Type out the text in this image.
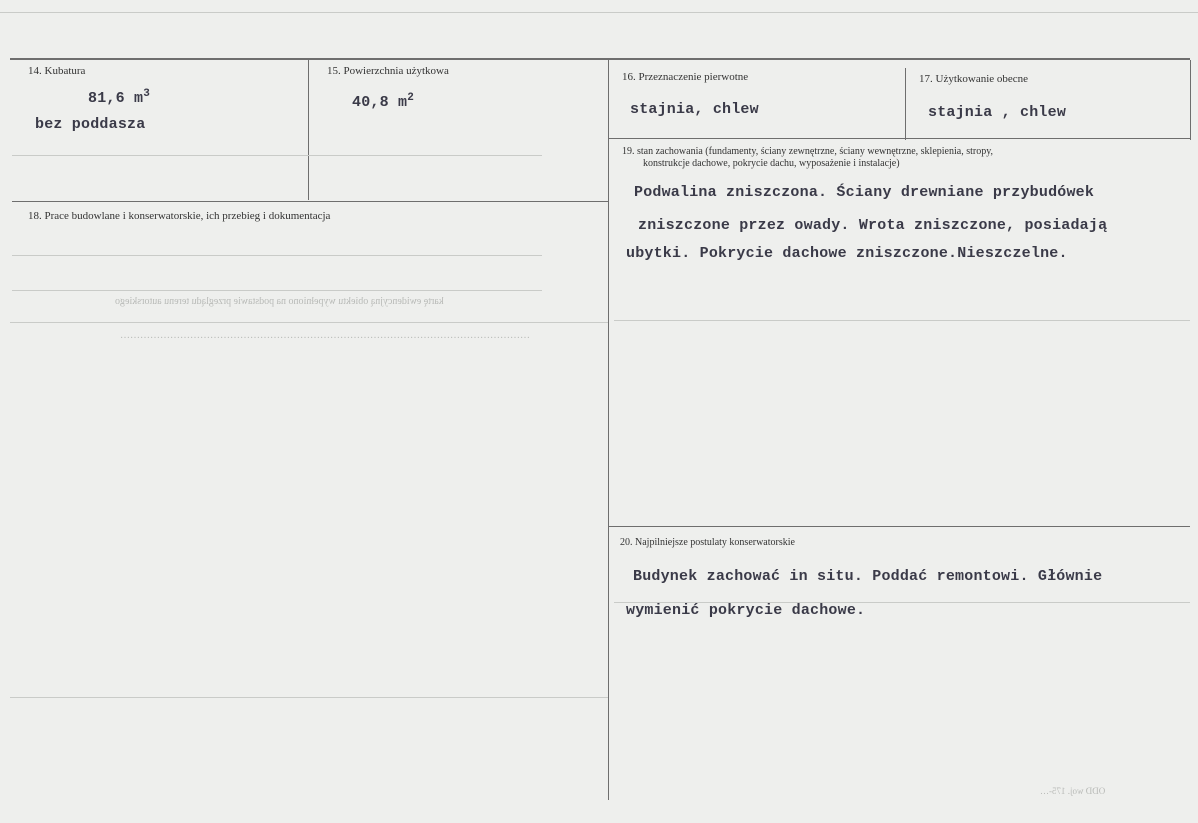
kartę ewidencyjną obiektu wypełniono na podstawie przeglądu terenu autorskiego
……………………………………………………………………………………………………………
ODD woj. 175-…
14. Kubatura
81,6 $m^3$
bez poddasza
15. Powierzchnia użytkowa
40,8 $m^2$
16. Przeznaczenie pierwotne
stajnia, chlew
17. Użytkowanie obecne
stajnia , chlew
18. Prace budowlane i konserwatorskie, ich przebieg i dokumentacja
19. stan zachowania (fundamenty, ściany zewnętrzne, ściany wewnętrzne, sklepienia, stropy,
konstrukcje dachowe, pokrycie dachu, wyposażenie i instalacje)
Podwalina zniszczona. Ściany drewniane przybudówek
zniszczone przez owady. Wrota zniszczone, posiadają
ubytki. Pokrycie dachowe zniszczone.Nieszczelne.
20. Najpilniejsze postulaty konserwatorskie
Budynek zachować in situ. Poddać remontowi. Głównie
wymienić pokrycie dachowe.
